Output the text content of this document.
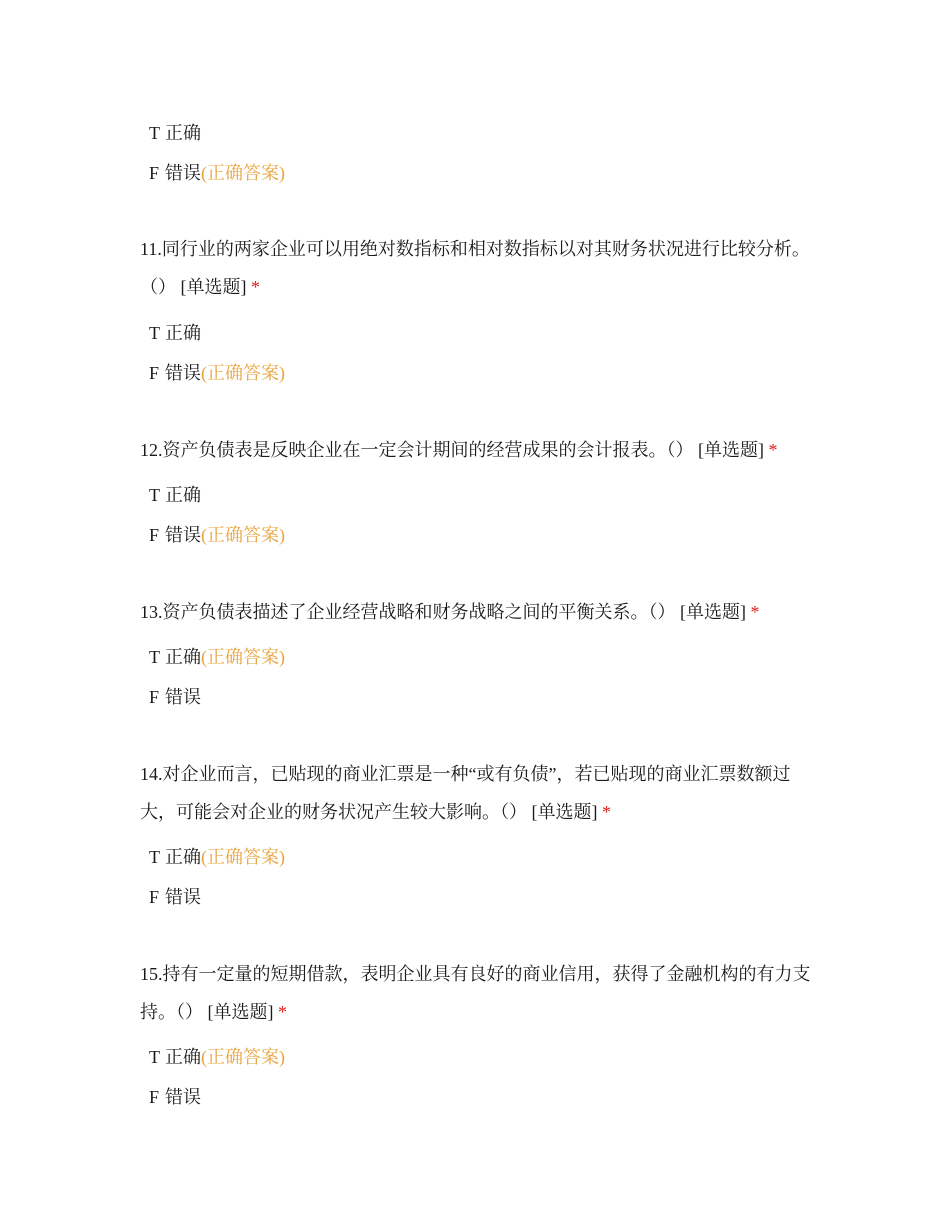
T 正确
F 错误(正确答案)
11.同行业的两家企业可以用绝对数指标和相对数指标以对其财务状况进行比较分析。（） [单选题] *
T 正确
F 错误(正确答案)
12.资产负债表是反映企业在一定会计期间的经营成果的会计报表。（） [单选题] *
T 正确
F 错误(正确答案)
13.资产负债表描述了企业经营战略和财务战略之间的平衡关系。（） [单选题] *
T 正确(正确答案)
F 错误
14.对企业而言，已贴现的商业汇票是一种“或有负债”，若已贴现的商业汇票数额过大，可能会对企业的财务状况产生较大影响。（） [单选题] *
T 正确(正确答案)
F 错误
15.持有一定量的短期借款，表明企业具有良好的商业信用，获得了金融机构的有力支持。（） [单选题] *
T 正确(正确答案)
F 错误
